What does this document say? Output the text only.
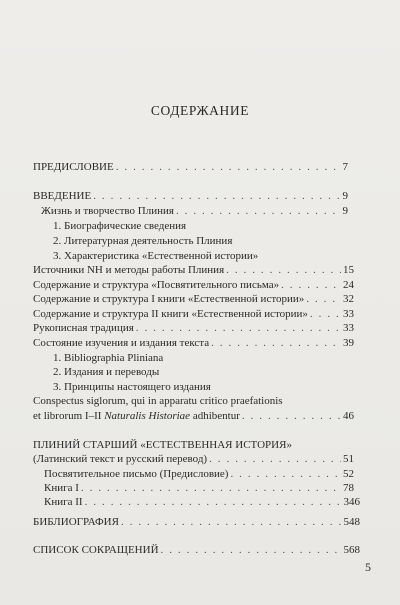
СОДЕРЖАНИЕ
ПРЕДИСЛОВИЕ . . .	7
ВВЕДЕНИЕ . . .	9
Жизнь и творчество Плиния . . .	9
1. Биографические сведения
2. Литературная деятельность Плиния
3. Характеристика «Естественной истории»
Источники NH и методы работы Плиния . . .	15
Содержание и структура «Посвятительного письма» . . .	24
Содержание и структура I книги «Естественной истории» . . .	32
Содержание и структура II книги «Естественной истории» . . .	33
Рукописная традиция . . .	33
Состояние изучения и издания текста . . .	39
1. Bibliographia Pliniana
2. Издания и переводы
3. Принципы настоящего издания
Conspectus siglorum, qui in apparatu critico praefationis
et librorum I–II Naturalis Historiae adhibentur . . .	46
ПЛИНИЙ СТАРШИЙ «ЕСТЕСТВЕННАЯ ИСТОРИЯ»
(Латинский текст и русский перевод) . . .	51
Посвятительное письмо (Предисловие) . . .	52
Книга I . . .	78
Книга II . . .	346
БИБЛИОГРАФИЯ . . .	548
СПИСОК СОКРАЩЕНИЙ . . .	568
5
